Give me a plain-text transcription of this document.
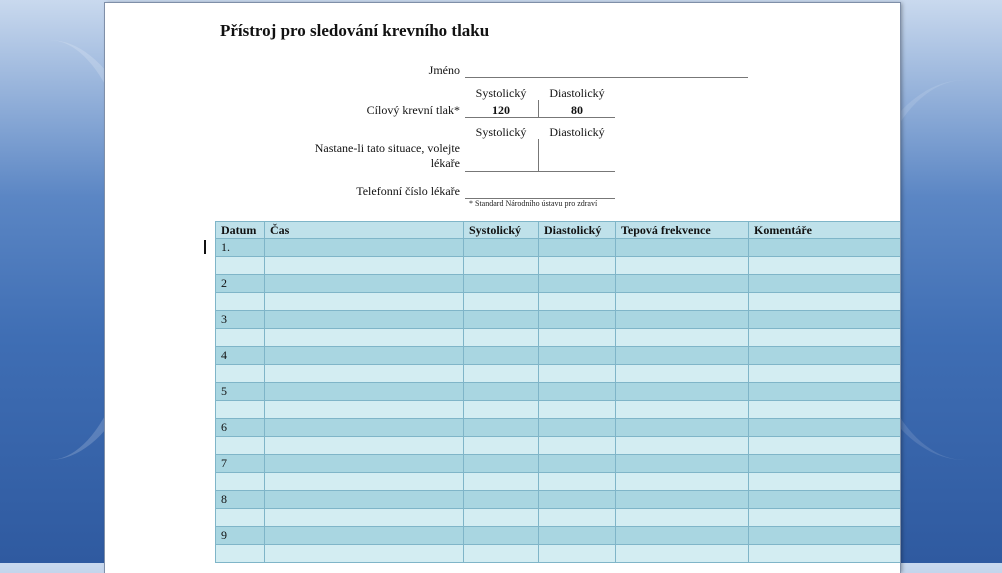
Přístroj pro sledování krevního tlaku
Jméno
Systolický	Diastolický
Cílový krevní tlak*	120	80
Systolický	Diastolický
Nastane-li tato situace, volejte
lékaře
Telefonní číslo lékaře
* Standard Národního ústavu pro zdraví
Datum	Čas	Systolický	Diastolický	Tepová frekvence	Komentáře
1.					

2					

3					

4					

5					

6					

7					

8					

9					
